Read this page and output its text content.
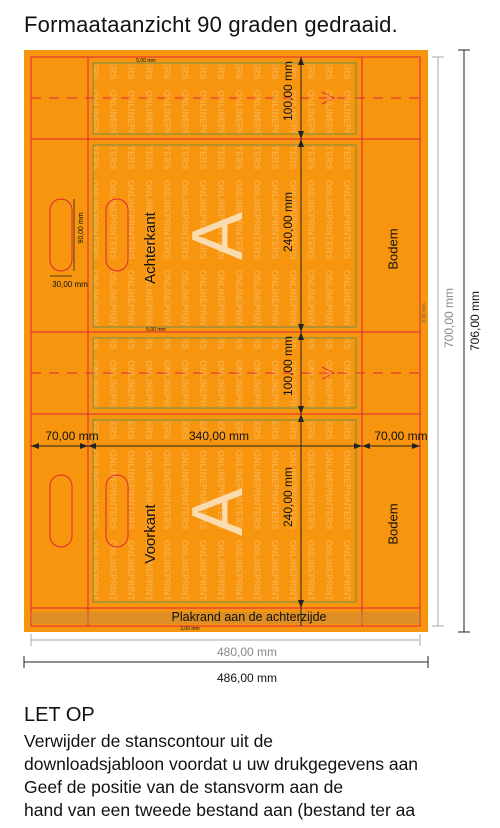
Formaataanzicht 90 graden gedraaid.
A
A
Achterkant
Voorkant
Bodem
Bodem
Plakrand aan de achterzijde
100,00 mm
240,00 mm
100,00 mm
240,00 mm
70,00 mm	340,00 mm	70,00 mm
90,00 mm
30,00 mm
5,00 mm
5,00 mm
3,00 mm
3,00 mm 700,00 mm 706,00 mm
480,00 mm
486,00 mm
LET OP
Verwijder de stanscontour uit de
downloadsjabloon voordat u uw drukgegevens aan
Geef de positie van de stansvorm aan de
hand van een tweede bestand aan (bestand ter aa
